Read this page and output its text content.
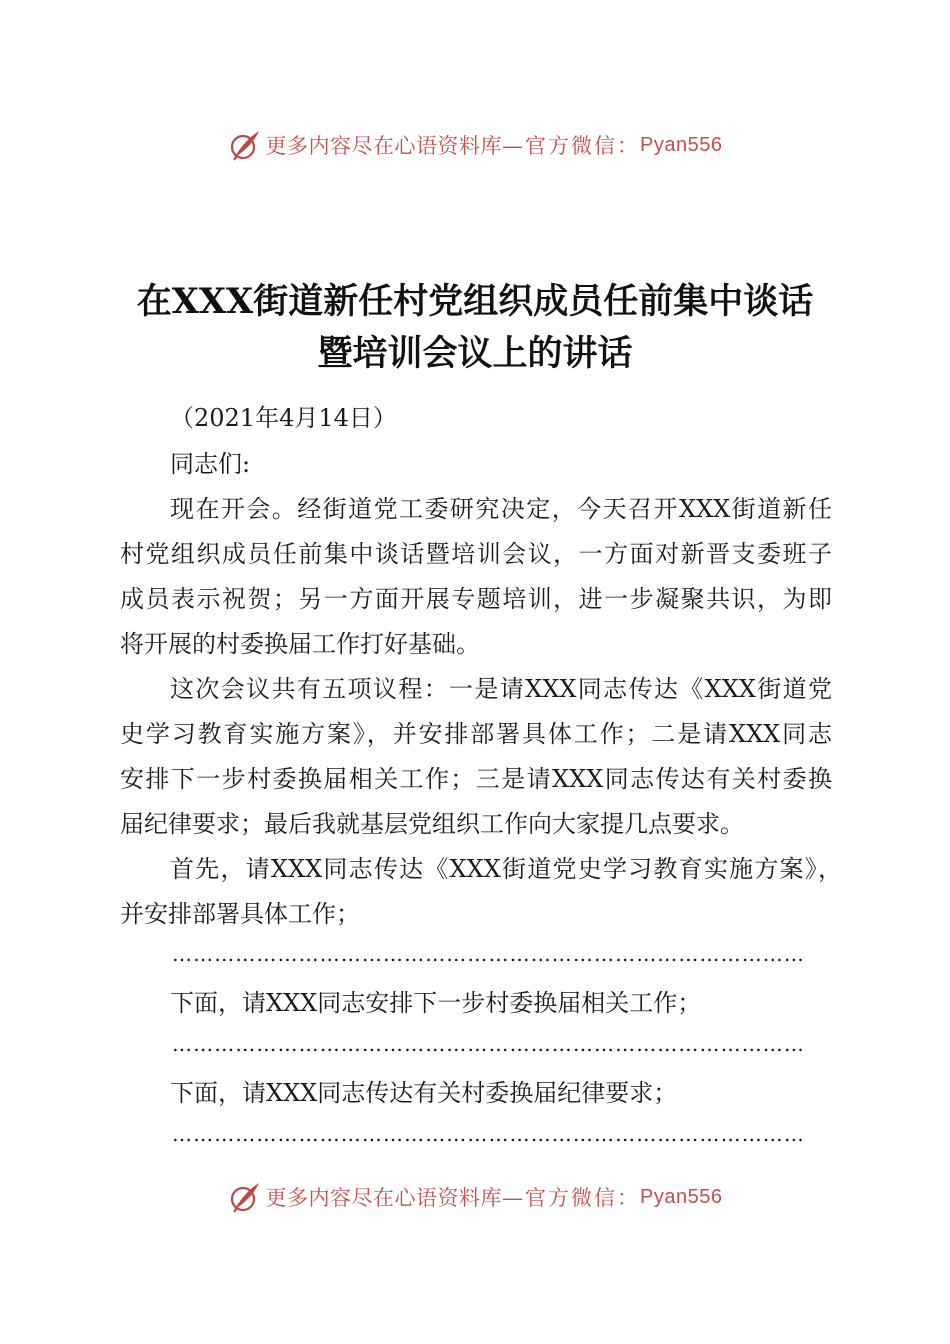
更多内容尽在心语资料库 —官方微信： Pyan556
在XXX街道新任村党组织成员任前集中谈话
暨培训会议上的讲话

（2021年4月14日）

同志们:

现在开会。经街道党工委研究决定，今天召开XXX街道新任

村党组织成员任前集中谈话暨培训会议，一方面对新晋支委班子

成员表示祝贺；另一方面开展专题培训，进一步凝聚共识，为即

将开展的村委换届工作打好基础。

这次会议共有五项议程：一是请XXX同志传达《XXX街道党

史学习教育实施方案》，并安排部署具体工作；二是请XXX同志

安排下一步村委换届相关工作；三是请XXX同志传达有关村委换

届纪律要求；最后我就基层党组织工作向大家提几点要求。

首先，请XXX同志传达《XXX街道党史学习教育实施方案》，

并安排部署具体工作；

………………………………………………………………………………

下面，请XXX同志安排下一步村委换届相关工作；

………………………………………………………………………………

下面，请XXX同志传达有关村委换届纪律要求；

………………………………………………………………………………
更多内容尽在心语资料库 —官方微信： Pyan556
